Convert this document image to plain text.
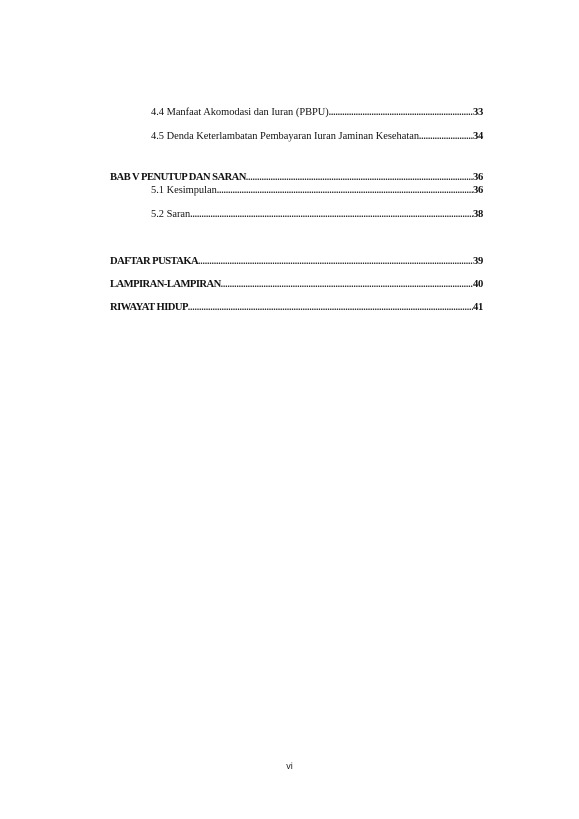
4.4 Manfaat Akomodasi dan Iuran (PBPU) .....	33
4.5 Denda Keterlambatan Pembayaran Iuran Jaminan Kesehatan .....	34
BAB V PENUTUP DAN SARAN .....	36
5.1 Kesimpulan .....	36
5.2 Saran .....	38
DAFTAR PUSTAKA .....	39
LAMPIRAN-LAMPIRAN .....	40
RIWAYAT HIDUP .....	41
vi
